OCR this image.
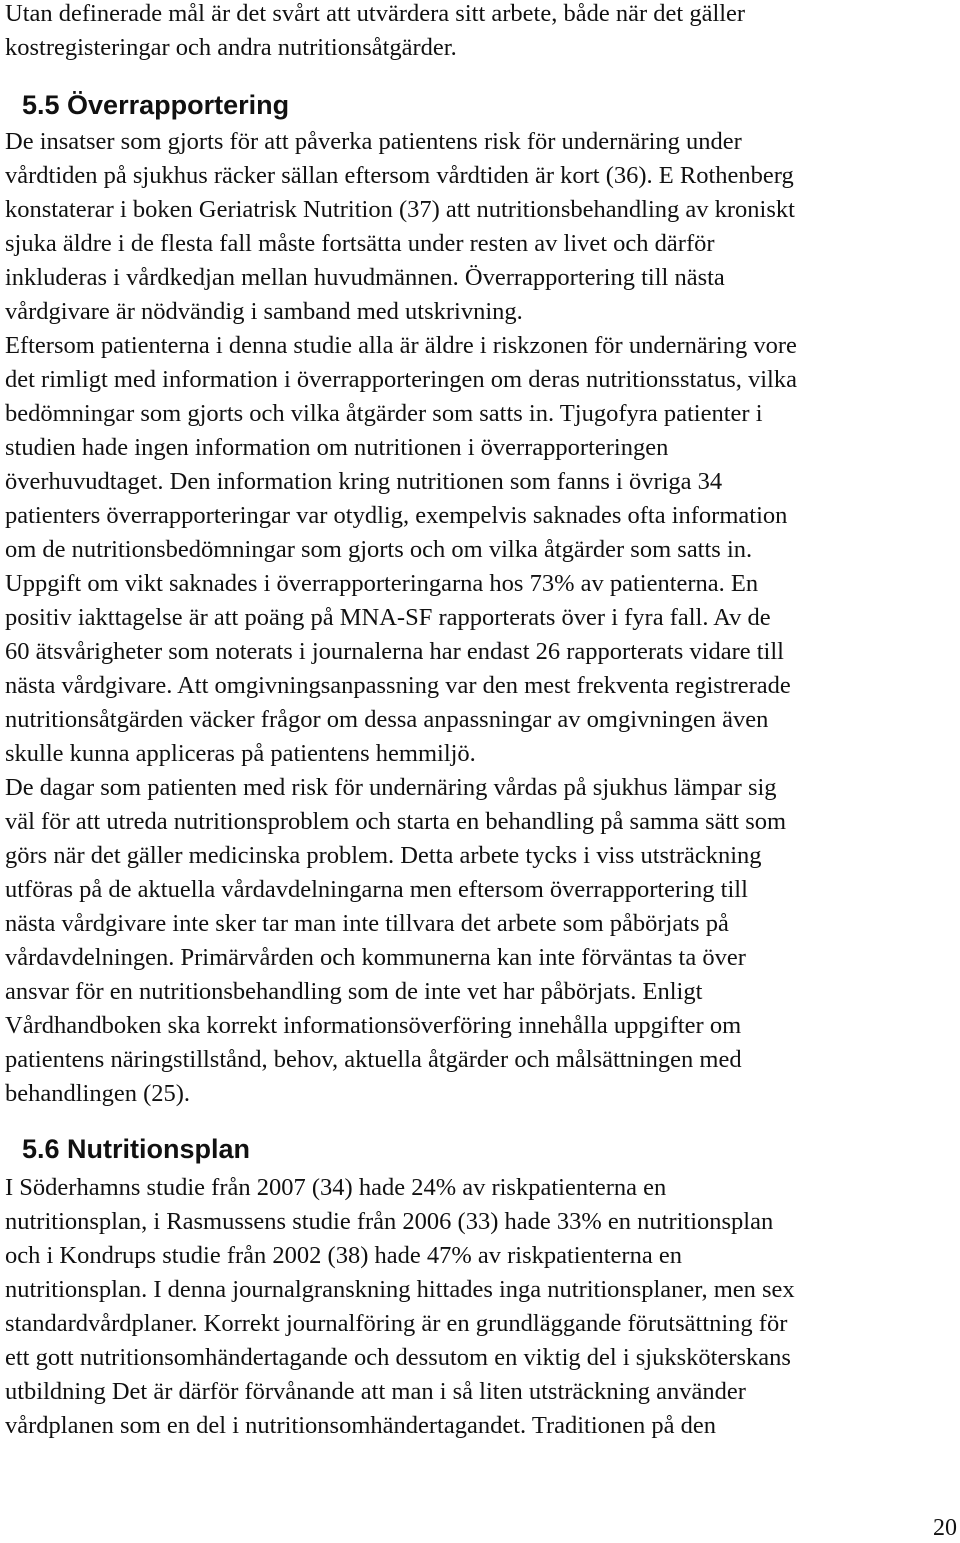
Utan definerade mål är det svårt att utvärdera sitt arbete, både när det gäller
kostregisteringar och andra nutritionsåtgärder.
5.5 Överrapportering
De insatser som gjorts för att påverka patientens risk för undernäring under
vårdtiden på sjukhus räcker sällan eftersom vårdtiden är kort (36). E Rothenberg
konstaterar i boken Geriatrisk Nutrition (37) att nutritionsbehandling av kroniskt
sjuka äldre i de flesta fall måste fortsätta under resten av livet och därför
inkluderas i vårdkedjan mellan huvudmännen. Överrapportering till nästa
vårdgivare är nödvändig i samband med utskrivning.
Eftersom patienterna i denna studie alla är äldre i riskzonen för undernäring vore
det rimligt med information i överrapporteringen om deras nutritionsstatus, vilka
bedömningar som gjorts och vilka åtgärder som satts in. Tjugofyra patienter i
studien hade ingen information om nutritionen i överrapporteringen
överhuvudtaget. Den information kring nutritionen som fanns i övriga 34
patienters överrapporteringar var otydlig, exempelvis saknades ofta information
om de nutritionsbedömningar som gjorts och om vilka åtgärder som satts in.
Uppgift om vikt saknades i överrapporteringarna hos 73% av patienterna. En
positiv iakttagelse är att poäng på MNA-SF rapporterats över i fyra fall. Av de
60 ätsvårigheter som noterats i journalerna har endast 26 rapporterats vidare till
nästa vårdgivare. Att omgivningsanpassning var den mest frekventa registrerade
nutritionsåtgärden väcker frågor om dessa anpassningar av omgivningen även
skulle kunna appliceras på patientens hemmiljö.
De dagar som patienten med risk för undernäring vårdas på sjukhus lämpar sig
väl för att utreda nutritionsproblem och starta en behandling på samma sätt som
görs när det gäller medicinska problem. Detta arbete tycks i viss utsträckning
utföras på de aktuella vårdavdelningarna men eftersom överrapportering till
nästa vårdgivare inte sker tar man inte tillvara det arbete som påbörjats på
vårdavdelningen. Primärvården och kommunerna kan inte förväntas ta över
ansvar för en nutritionsbehandling som de inte vet har påbörjats. Enligt
Vårdhandboken ska korrekt informationsöverföring innehålla uppgifter om
patientens näringstillstånd, behov, aktuella åtgärder och målsättningen med
behandlingen (25).
5.6 Nutritionsplan
I Söderhamns studie från 2007 (34) hade 24% av riskpatienterna en
nutritionsplan, i Rasmussens studie från 2006 (33) hade 33% en nutritionsplan
och i Kondrups studie från 2002 (38) hade 47% av riskpatienterna en
nutritionsplan. I denna journalgranskning hittades inga nutritionsplaner, men sex
standardvårdplaner. Korrekt journalföring är en grundläggande förutsättning för
ett gott nutritionsomhändertagande och dessutom en viktig del i sjuksköterskans
utbildning Det är därför förvånande att man i så liten utsträckning använder
vårdplanen som en del i nutritionsomhändertagandet. Traditionen på den
20
